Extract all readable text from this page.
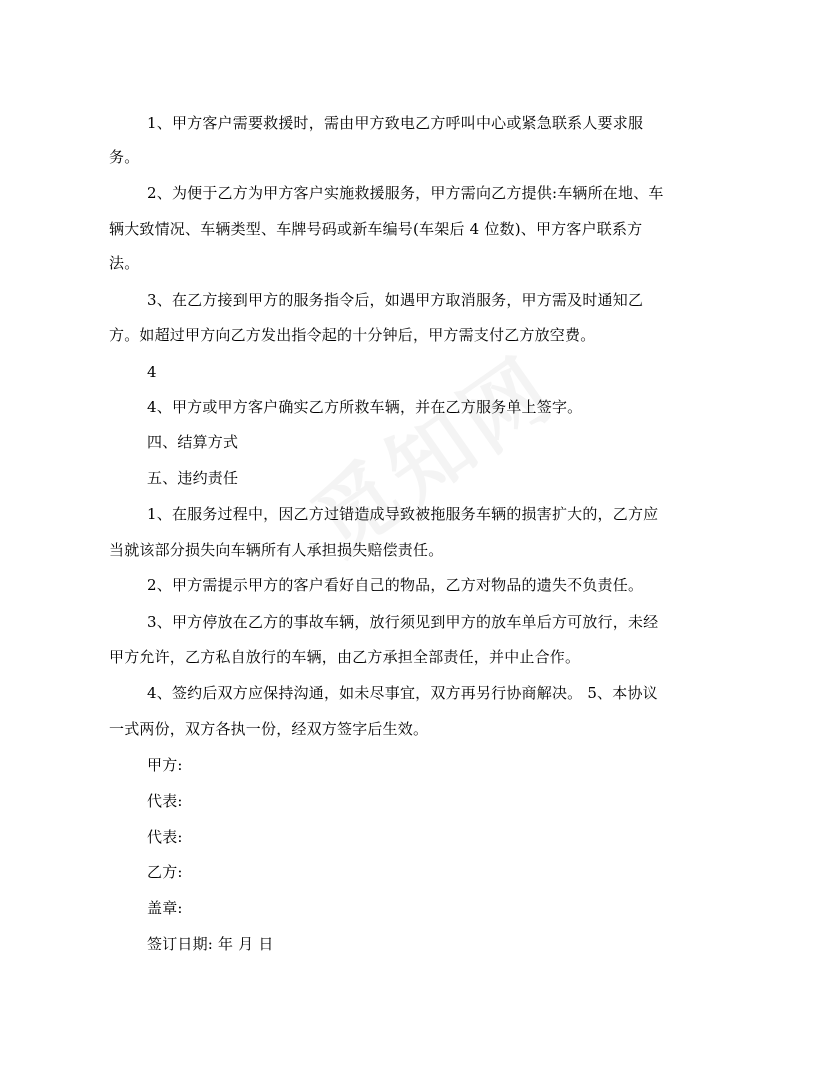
1、甲方客户需要救援时，需由甲方致电乙方呼叫中心或紧急联系人要求服
务。
2、为便于乙方为甲方客户实施救援服务，甲方需向乙方提供:车辆所在地、车
辆大致情况、车辆类型、车牌号码或新车编号(车架后 4 位数)、甲方客户联系方
法。
3、在乙方接到甲方的服务指令后，如遇甲方取消服务，甲方需及时通知乙
方。如超过甲方向乙方发出指令起的十分钟后，甲方需支付乙方放空费。
4
4、甲方或甲方客户确实乙方所救车辆，并在乙方服务单上签字。
四、结算方式
五、违约责任
1、在服务过程中，因乙方过错造成导致被拖服务车辆的损害扩大的，乙方应
当就该部分损失向车辆所有人承担损失赔偿责任。
2、甲方需提示甲方的客户看好自己的物品，乙方对物品的遗失不负责任。
3、甲方停放在乙方的事故车辆，放行须见到甲方的放车单后方可放行，未经
甲方允许，乙方私自放行的车辆，由乙方承担全部责任，并中止合作。
4、签约后双方应保持沟通，如未尽事宜，双方再另行协商解决。 5、本协议
一式两份，双方各执一份，经双方签字后生效。
甲方:
代表:
代表:
乙方:
盖章:
签订日期: 年 月 日
